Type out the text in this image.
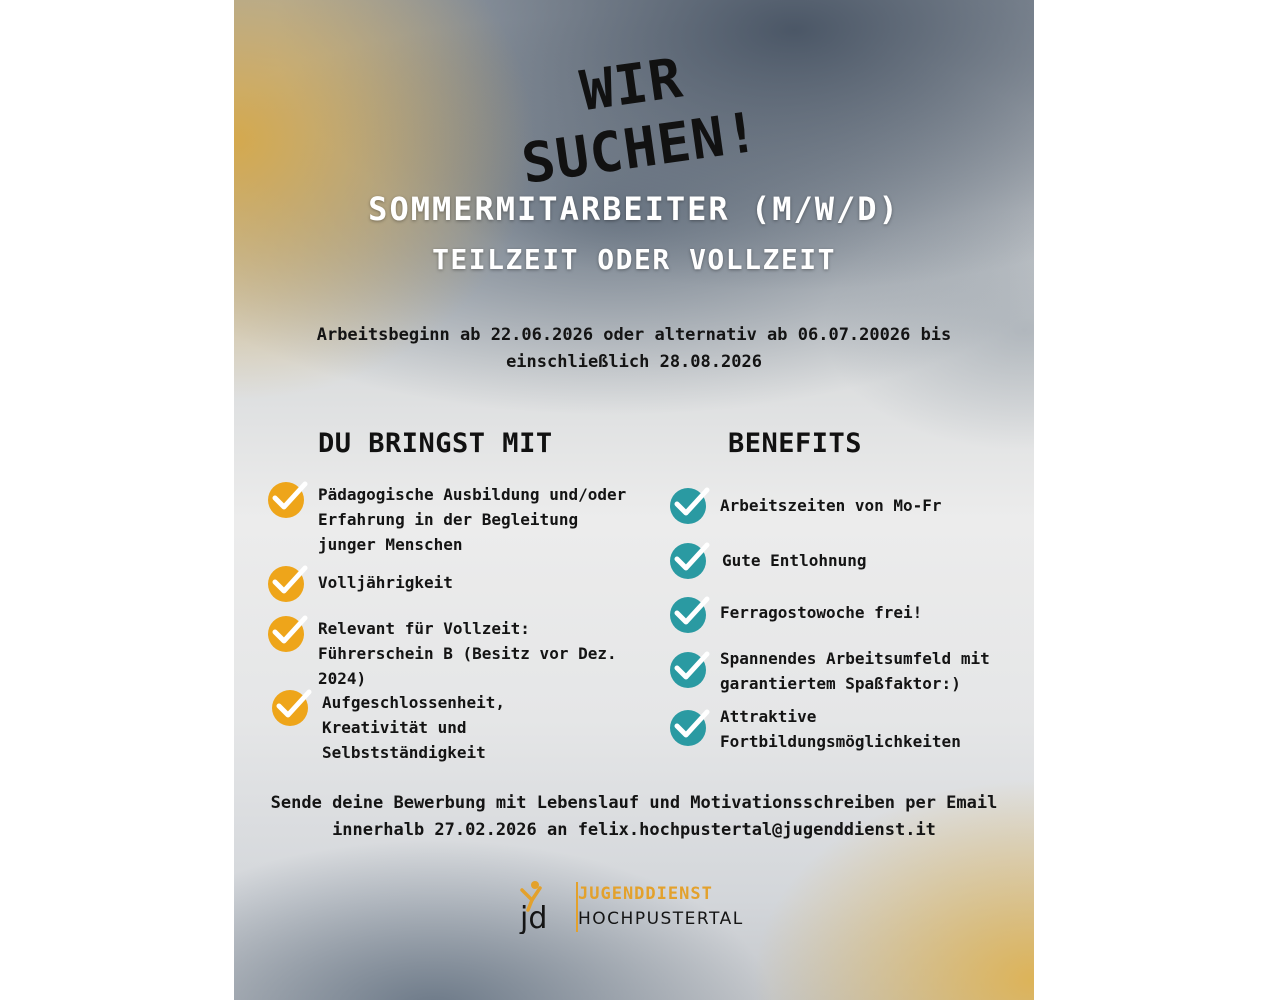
WIR SUCHEN!
SOMMERMITARBEITER (M/W/D)
TEILZEIT ODER VOLLZEIT
Arbeitsbeginn ab 22.06.2026 oder alternativ ab 06.07.20026 bis einschließlich 28.08.2026
DU BRINGST MIT
Pädagogische Ausbildung und/oder Erfahrung in der Begleitung junger Menschen
Volljährigkeit
Relevant für Vollzeit: Führerschein B (Besitz vor Dez. 2024)
Aufgeschlossenheit, Kreativität und Selbstständigkeit
BENEFITS
Arbeitszeiten von Mo-Fr
Gute Entlohnung
Ferragostowoche frei!
Spannendes Arbeitsumfeld mit garantiertem Spaßfaktor:)
Attraktive Fortbildungsmöglichkeiten
Sende deine Bewerbung mit Lebenslauf und Motivationsschreiben per Email
innerhalb 27.02.2026 an felix.hochpustertal@jugenddienst.it
jd
JUGENDDIENST
HOCHPUSTERTAL
